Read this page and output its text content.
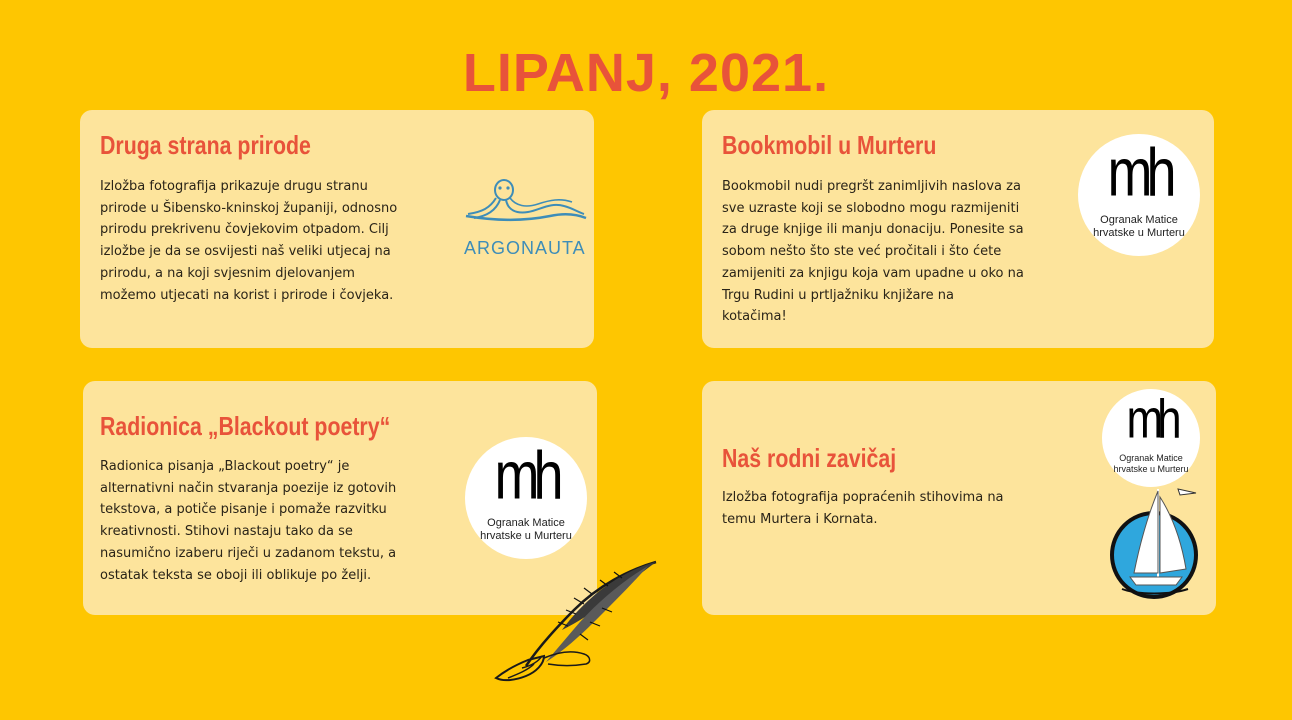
LIPANJ, 2021.
Druga strana prirode

Izložba fotografija prikazuje drugu stranu
prirode u Šibensko-kninskoj županiji, odnosno
prirodu prekrivenu čovjekovim otpadom. Cilj
izložbe je da se osvijesti naš veliki utjecaj na
prirodu, a na koji svjesnim djelovanjem
možemo utjecati na korist i prirode i čovjeka.

ARGONAUTA
Bookmobil u Murteru

Bookmobil nudi pregršt zanimljivih naslova za
sve uzraste koji se slobodno mogu razmijeniti
za druge knjige ili manju donaciju. Ponesite sa
sobom nešto što ste već pročitali i što ćete
zamijeniti za knjigu koja vam upadne u oko na
Trgu Rudini u prtljažniku knjižare na
kotačima!

mh
Ogranak Matice
hrvatske u Murteru
Radionica „Blackout poetry“

Radionica pisanja „Blackout poetry“ je
alternativni način stvaranja poezije iz gotovih
tekstova, a potiče pisanje i pomaže razvitku
kreativnosti. Stihovi nastaju tako da se
nasumično izaberu riječi u zadanom tekstu, a
ostatak teksta se oboji ili oblikuje po želji.

mh
Ogranak Matice
hrvatske u Murteru
Naš rodni zavičaj

Izložba fotografija popraćenih stihovima na
temu Murtera i Kornata.

mh
Ogranak Matice
hrvatske u Murteru
